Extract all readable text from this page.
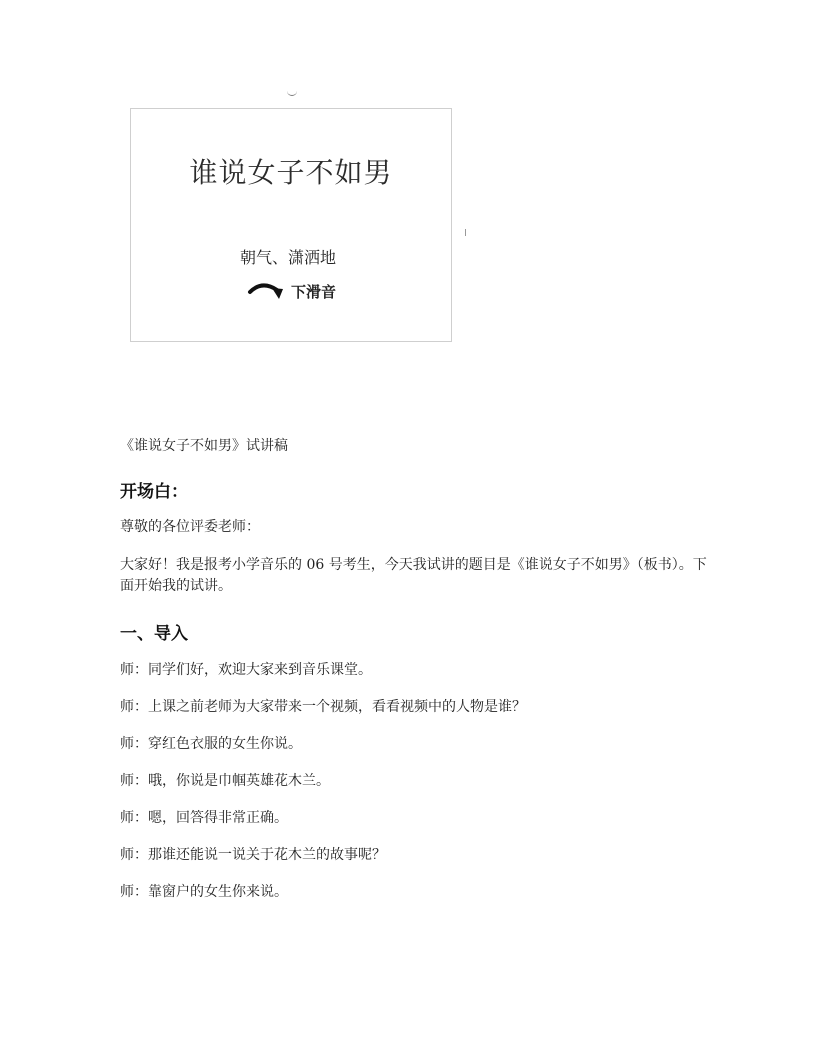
谁说女子不如男
朝气、潇洒地
下滑音
《谁说女子不如男》试讲稿
开场白：
尊敬的各位评委老师：
大家好！我是报考小学音乐的 06 号考生，今天我试讲的题目是《谁说女子不如男》（板书）。下面开始我的试讲。
一、导入
师：同学们好，欢迎大家来到音乐课堂。
师：上课之前老师为大家带来一个视频，看看视频中的人物是谁？
师：穿红色衣服的女生你说。
师：哦，你说是巾帼英雄花木兰。
师：嗯，回答得非常正确。
师：那谁还能说一说关于花木兰的故事呢？
师：靠窗户的女生你来说。
